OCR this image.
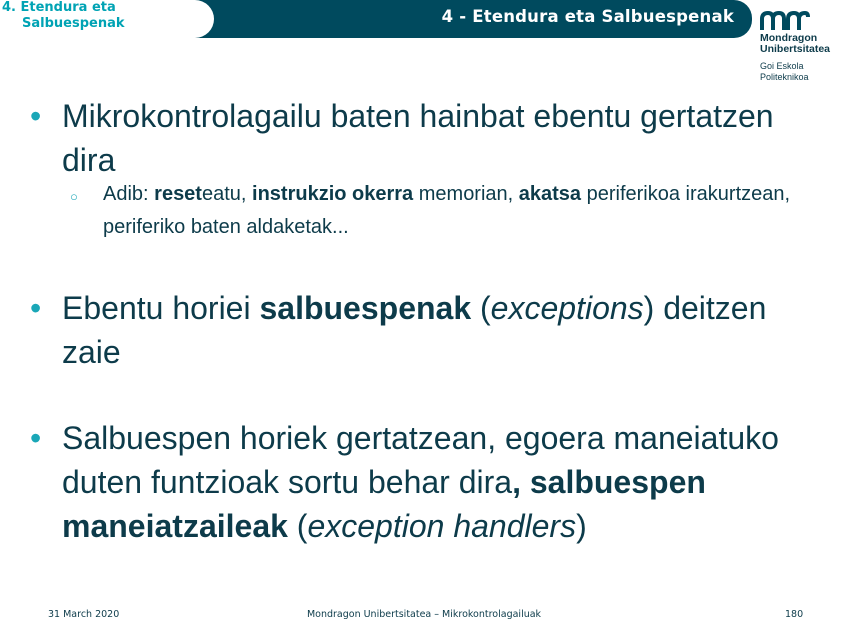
4. Etendura eta
Salbuespenak	4 - Etendura eta Salbuespenak
Mondragon
Unibertsitatea
Goi Eskola
Politeknikoa
• Mikrokontrolagailu baten hainbat ebentu gertatzen dira
○ Adib: reseteatu, instrukzio okerra memorian, akatsa periferikoa irakurtzean, periferiko baten aldaketak...
• Ebentu horiei salbuespenak (exceptions) deitzen zaie
• Salbuespen horiek gertatzean, egoera maneiatuko duten funtzioak sortu behar dira, salbuespen maneiatzaileak (exception handlers)
31 March 2020	Mondragon Unibertsitatea – Mikrokontrolagailuak	180
